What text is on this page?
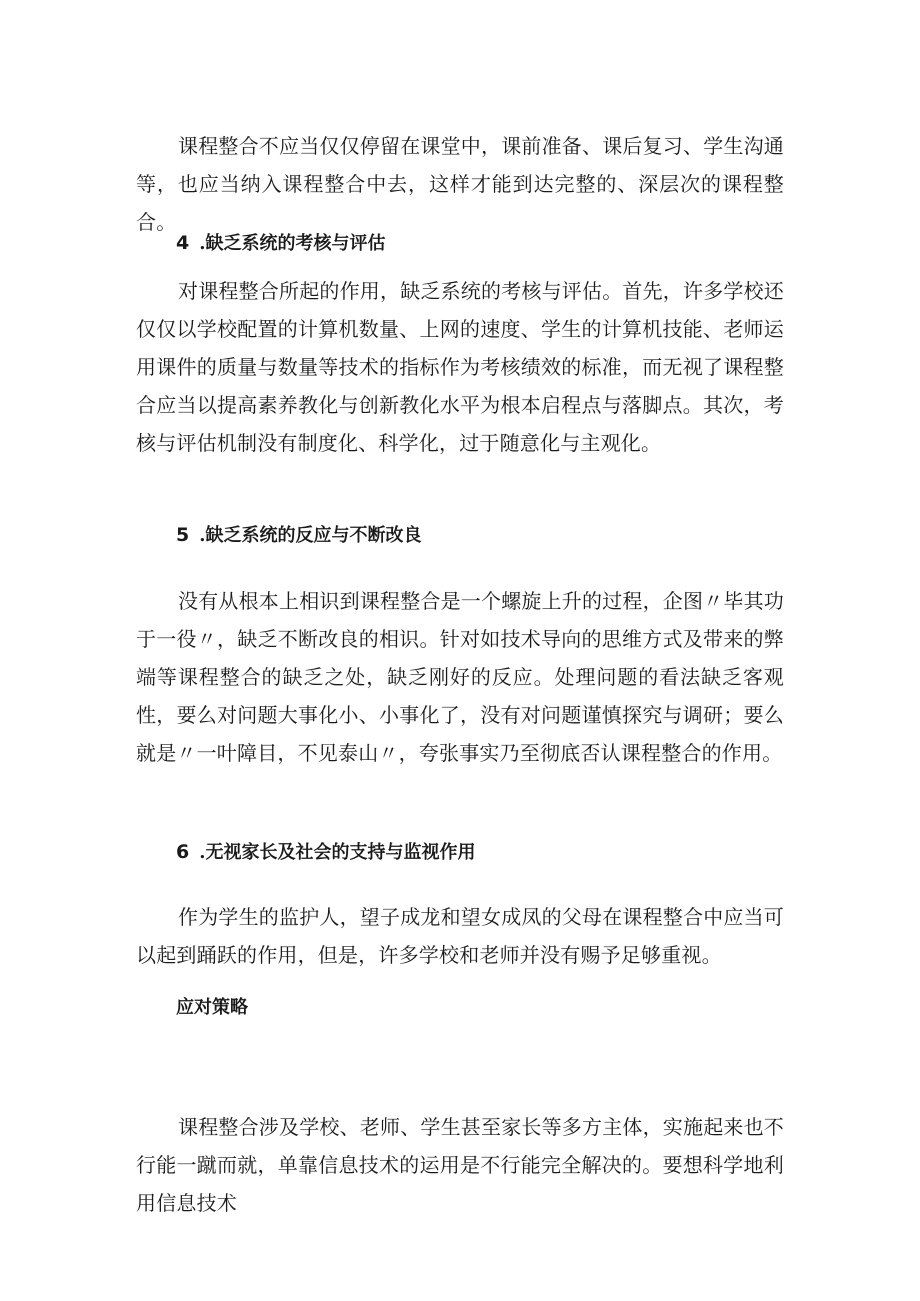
课程整合不应当仅仅停留在课堂中，课前准备、课后复习、学生沟通等，也应当纳入课程整合中去，这样才能到达完整的、深层次的课程整合。

4 .缺乏系统的考核与评估

对课程整合所起的作用，缺乏系统的考核与评估。首先，许多学校还仅仅以学校配置的计算机数量、上网的速度、学生的计算机技能、老师运用课件的质量与数量等技术的指标作为考核绩效的标准，而无视了课程整合应当以提高素养教化与创新教化水平为根本启程点与落脚点。其次，考核与评估机制没有制度化、科学化，过于随意化与主观化。

5 .缺乏系统的反应与不断改良

没有从根本上相识到课程整合是一个螺旋上升的过程，企图〃毕其功于一役〃，缺乏不断改良的相识。针对如技术导向的思维方式及带来的弊端等课程整合的缺乏之处，缺乏刚好的反应。处理问题的看法缺乏客观性，要么对问题大事化小、小事化了，没有对问题谨慎探究与调研；要么就是〃一叶障目，不见泰山〃，夸张事实乃至彻底否认课程整合的作用。

6 .无视家长及社会的支持与监视作用

作为学生的监护人，望子成龙和望女成凤的父母在课程整合中应当可以起到踊跃的作用，但是，许多学校和老师并没有赐予足够重视。

应对策略

课程整合涉及学校、老师、学生甚至家长等多方主体，实施起来也不行能一蹴而就，单靠信息技术的运用是不行能完全解决的。要想科学地利用信息技术
